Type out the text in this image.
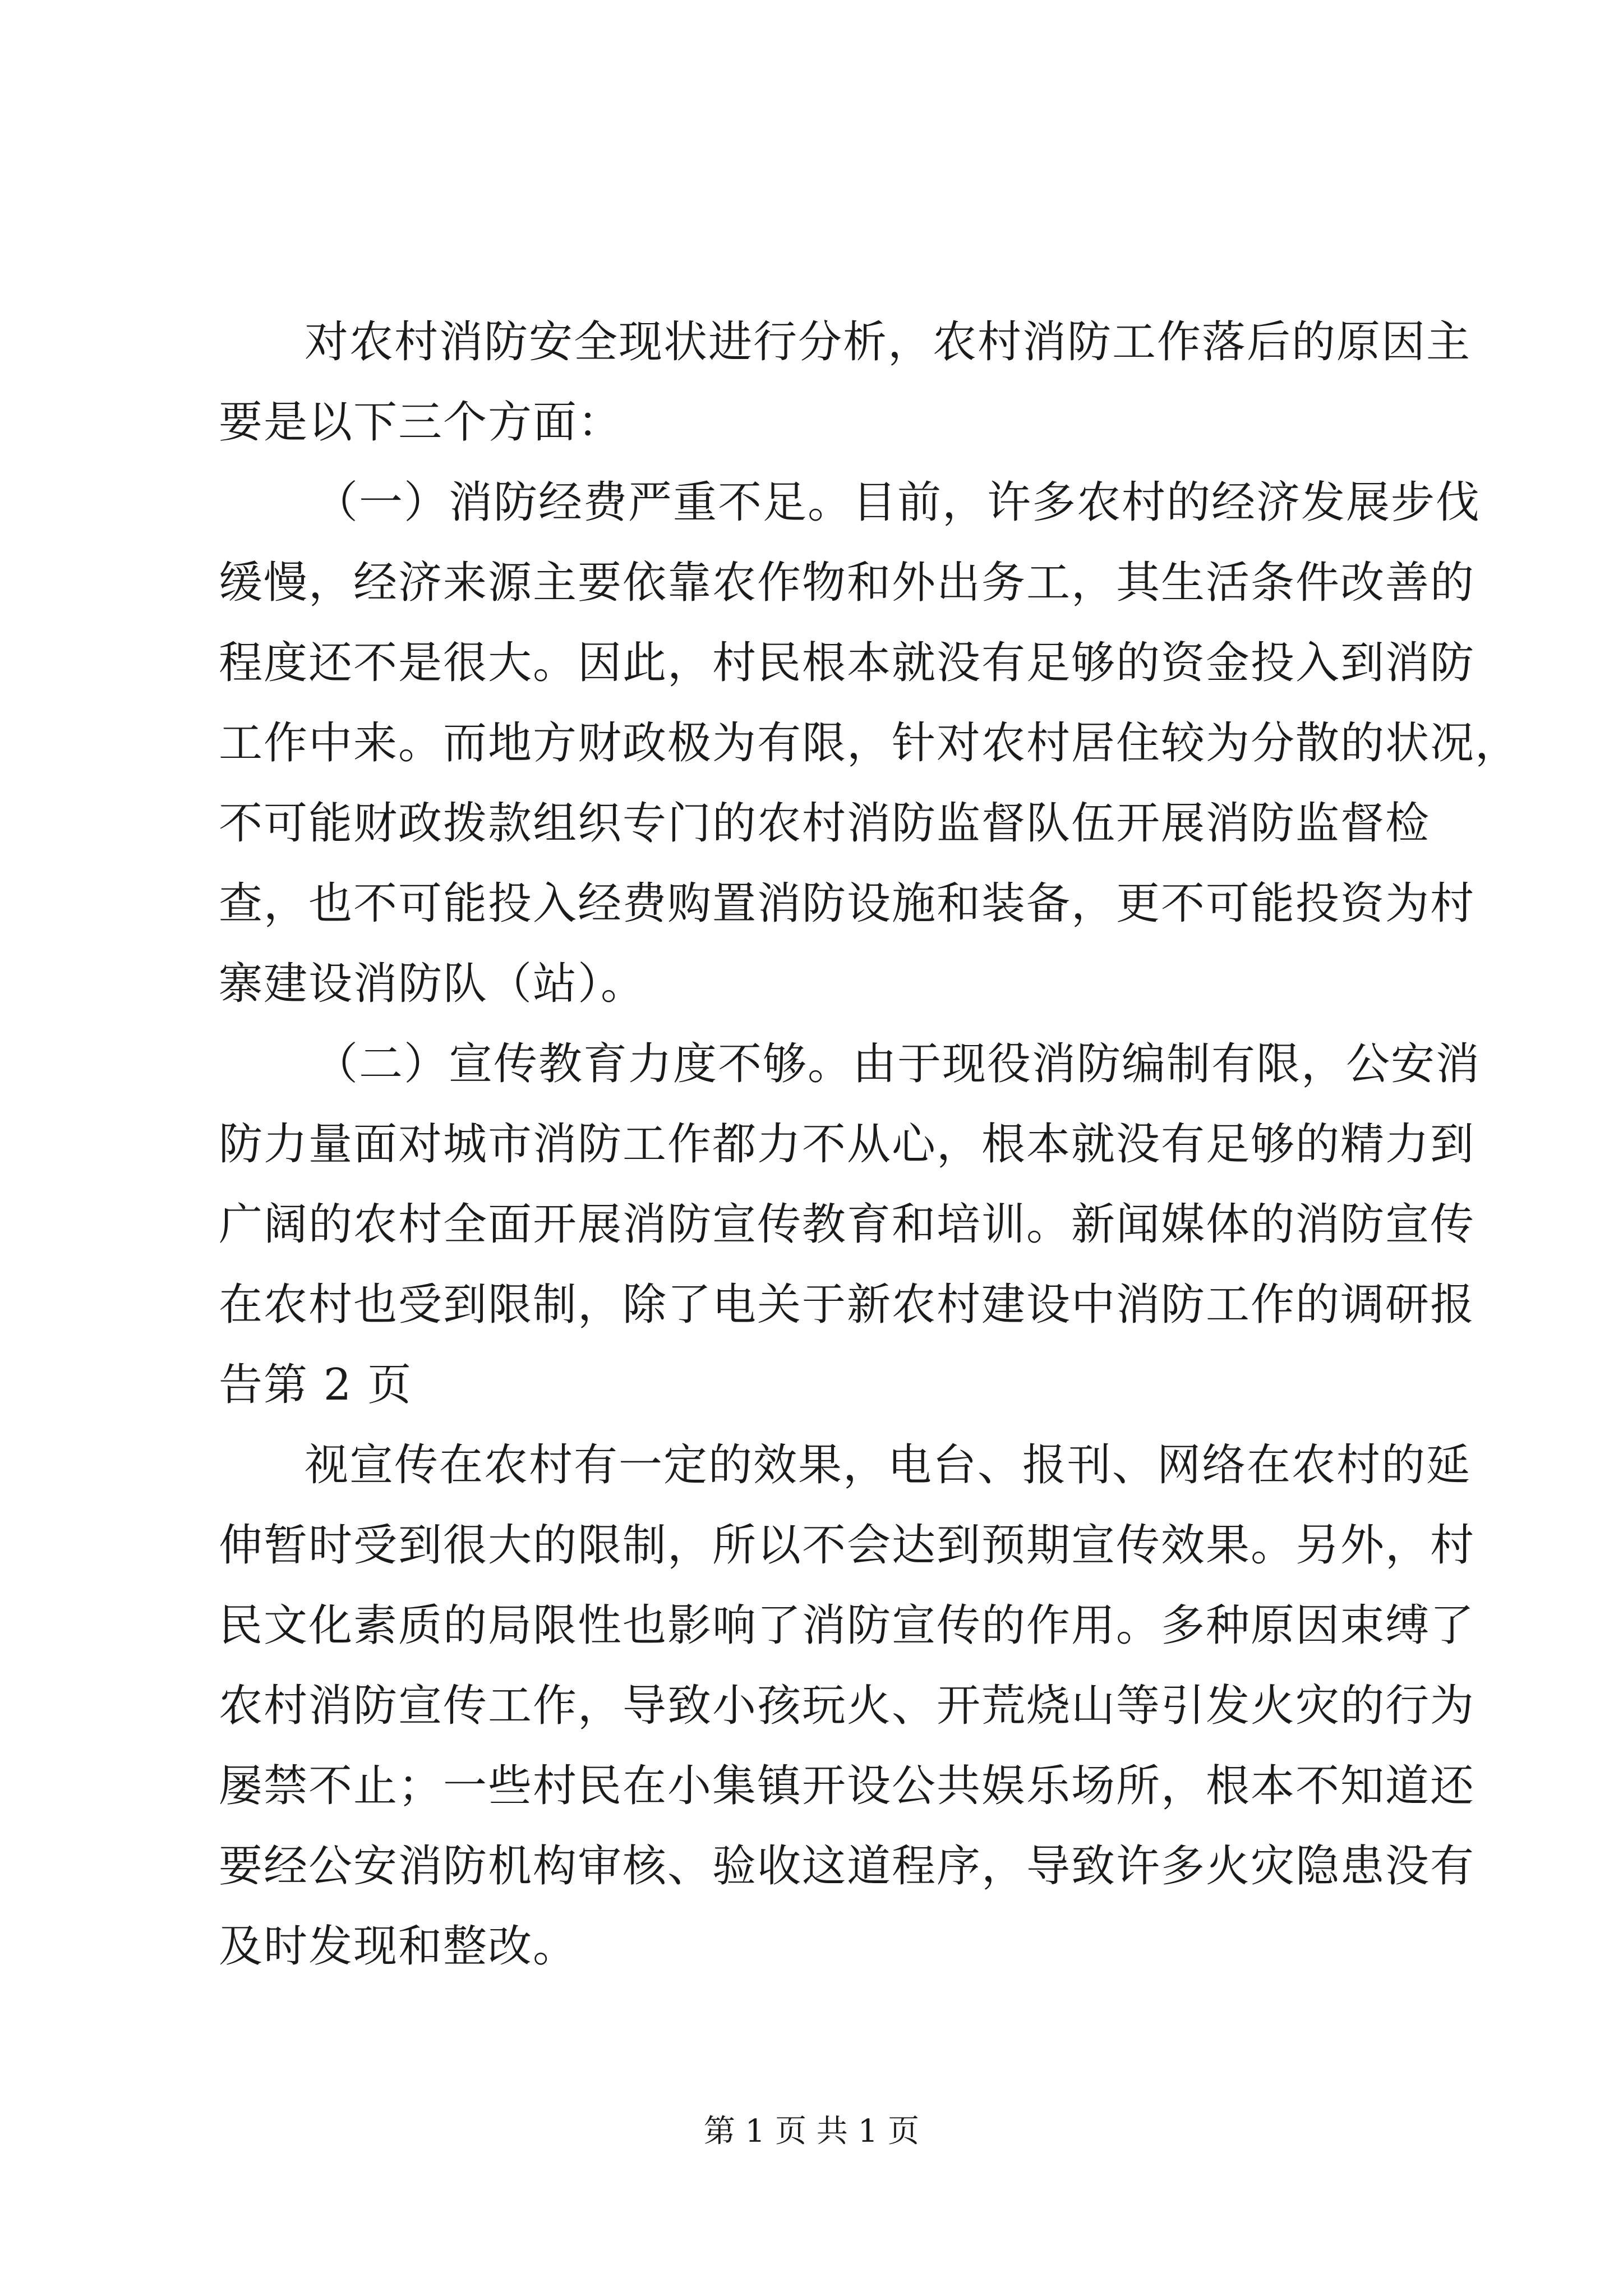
对农村消防安全现状进行分析，农村消防工作落后的原因主
要是以下三个方面：
（一）消防经费严重不足。目前，许多农村的经济发展步伐
缓慢，经济来源主要依靠农作物和外出务工，其生活条件改善的
程度还不是很大。因此，村民根本就没有足够的资金投入到消防
工作中来。而地方财政极为有限，针对农村居住较为分散的状况，
不可能财政拨款组织专门的农村消防监督队伍开展消防监督检
查，也不可能投入经费购置消防设施和装备，更不可能投资为村
寨建设消防队（站）。
（二）宣传教育力度不够。由于现役消防编制有限，公安消
防力量面对城市消防工作都力不从心，根本就没有足够的精力到
广阔的农村全面开展消防宣传教育和培训。新闻媒体的消防宣传
在农村也受到限制，除了电关于新农村建设中消防工作的调研报
告第 2 页
视宣传在农村有一定的效果，电台、报刊、网络在农村的延
伸暂时受到很大的限制，所以不会达到预期宣传效果。另外，村
民文化素质的局限性也影响了消防宣传的作用。多种原因束缚了
农村消防宣传工作，导致小孩玩火、开荒烧山等引发火灾的行为
屡禁不止；一些村民在小集镇开设公共娱乐场所，根本不知道还
要经公安消防机构审核、验收这道程序，导致许多火灾隐患没有
及时发现和整改。
第 1 页 共 1 页
